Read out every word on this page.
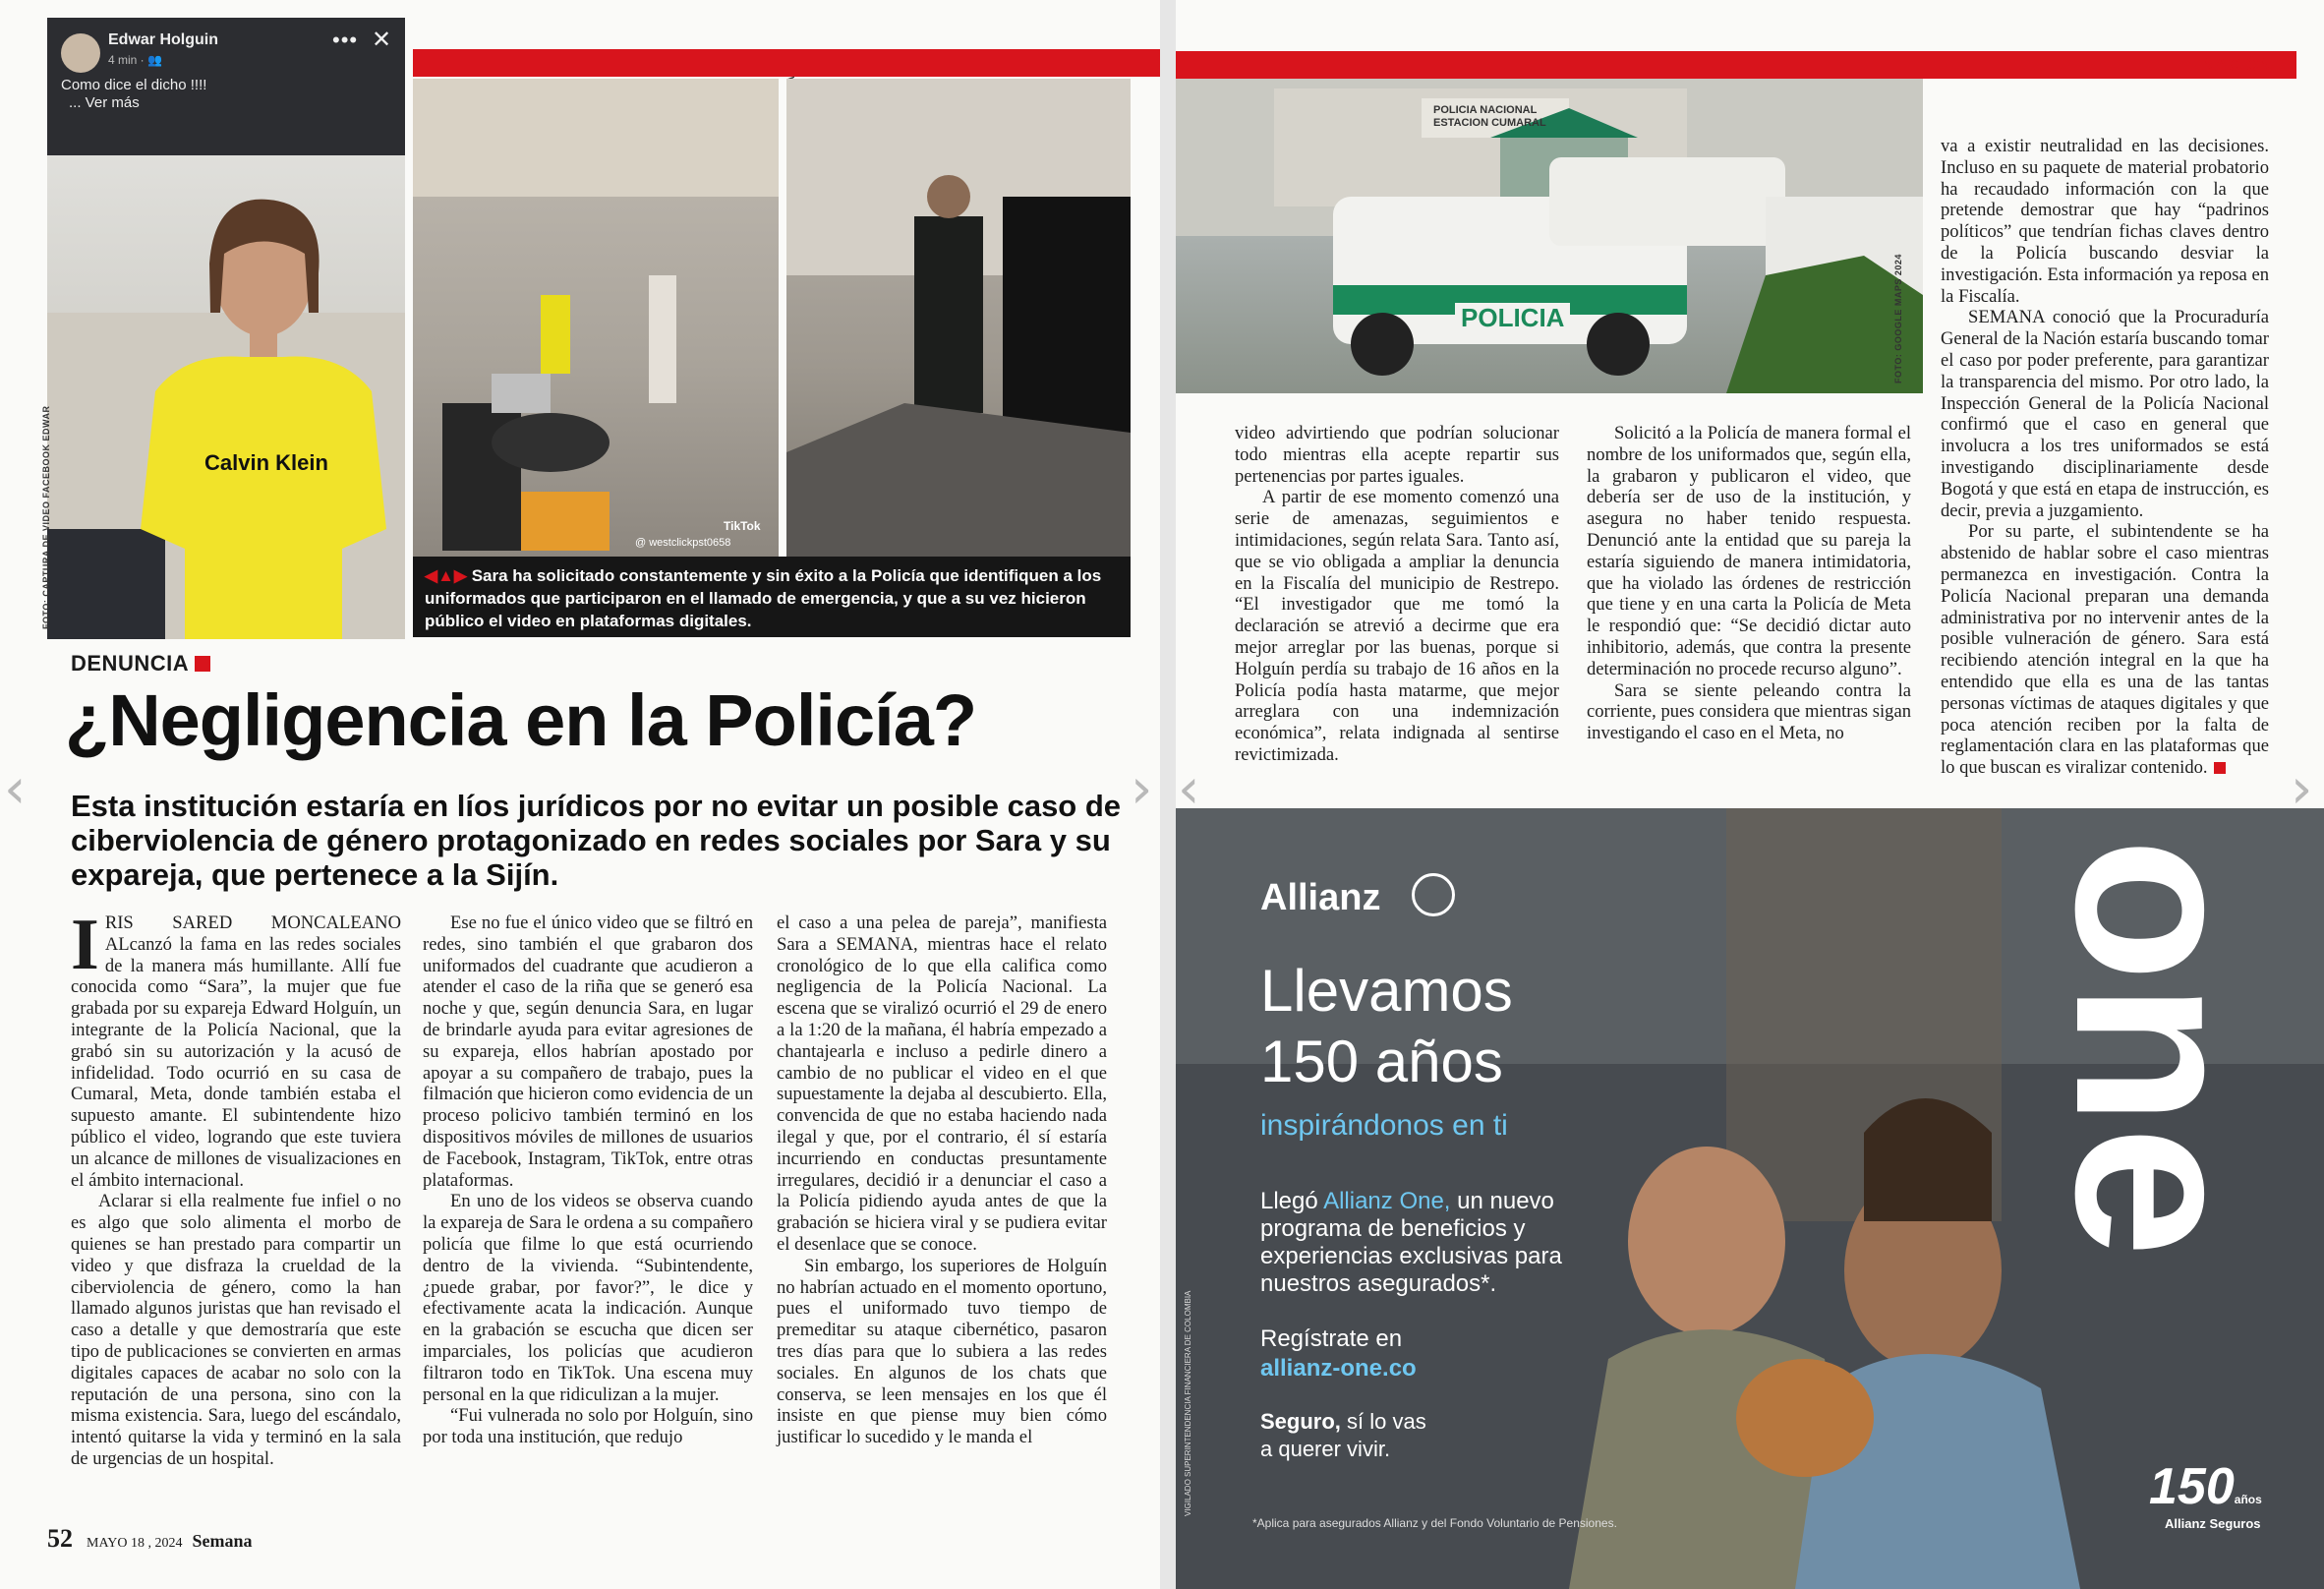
Calvin Klein
FOTO: CAPTURA DE VIDEO FACEBOOK EDWAR
Edwar Holguin
4 min · 👥
••• ✕
Como dice el dicho !!!!
... Ver más
TikTok
@ westclickpst0658
◀▲▶ Sara ha solicitado constantemente y sin éxito a la Policía que identifiquen a los uniformados que participaron en el llamado de emergencia, y que a su vez hicieron público el video en plataformas digitales.
DENUNCIA
¿Negligencia en la Policía?
Esta institución estaría en líos jurídicos por no evitar un posible caso de ciberviolencia de género protagonizado en redes sociales por Sara y su expareja, que pertenece a la Sijín.

IRIS SARED MONCALEANO ALcanzó la fama en las redes sociales de la manera más humillante. Allí fue conocida como “Sara”, la mujer que fue grabada por su expareja Edward Holguín, un integrante de la Policía Nacional, que la grabó sin su autorización y la acusó de infidelidad. Todo ocurrió en su casa de Cumaral, Meta, donde también estaba el supuesto amante. El subintendente hizo público el video, logrando que este tuviera un alcance de millones de visualizaciones en el ámbito internacional.

Aclarar si ella realmente fue infiel o no es algo que solo alimenta el morbo de quienes se han prestado para compartir un video y que disfraza la crueldad de la ciberviolencia de género, como la han llamado algunos juristas que han revisado el caso a detalle y que demostraría que este tipo de publicaciones se convierten en armas digitales capaces de acabar no solo con la reputación de una persona, sino con la misma existencia. Sara, luego del escándalo, intentó quitarse la vida y terminó en la sala de urgencias de un hospital.

Ese no fue el único video que se filtró en redes, sino también el que grabaron dos uniformados del cuadrante que acudieron a atender el caso de la riña que se generó esa noche y que, según denuncia Sara, en lugar de brindarle ayuda para evitar agresiones de su expareja, ellos habrían apostado por apoyar a su compañero de trabajo, pues la filmación que hicieron como evidencia de un proceso policivo también terminó en los dispositivos móviles de millones de usuarios de Facebook, Instagram, TikTok, entre otras plataformas.

En uno de los videos se observa cuando la expareja de Sara le ordena a su compañero policía que filme lo que está ocurriendo dentro de la vivienda. “Subintendente, ¿puede grabar, por favor?”, le dice y efectivamente acata la indicación. Aunque en la grabación se escucha que dicen ser imparciales, los policías que acudieron filtraron todo en TikTok. Una escena muy personal en la que ridiculizan a la mujer.

“Fui vulnerada no solo por Holguín, sino por toda una institución, que redujo

el caso a una pelea de pareja”, manifiesta Sara a SEMANA, mientras hace el relato cronológico de lo que ella califica como negligencia de la Policía Nacional. La escena que se viralizó ocurrió el 29 de enero a la 1:20 de la mañana, él habría empezado a chantajearla e incluso a pedirle dinero a cambio de no publicar el video en el que supuestamente la dejaba al descubierto. Ella, convencida de que no estaba haciendo nada ilegal y que, por el contrario, él sí estaría incurriendo en conductas presuntamente irregulares, decidió ir a denunciar el caso a la Policía pidiendo ayuda antes de que la grabación se hiciera viral y se pudiera evitar el desenlace que se conoce.

Sin embargo, los superiores de Holguín no habrían actuado en el momento oportuno, pues el uniformado tuvo tiempo de premeditar su ataque cibernético, pasaron tres días para que lo subiera a las redes sociales. En algunos de los chats que conserva, se leen mensajes en los que él insiste en que piense muy bien cómo justificar lo sucedido y le manda el

52 MAYO 18 , 2024 Semana
NACIÓN
POLICIA NACIONAL
ESTACION CUMARAL
POLICIA	FOTO: GOOGLE MAPS 2024

video advirtiendo que podrían solucionar todo mientras ella acepte repartir sus pertenencias por partes iguales.

A partir de ese momento comenzó una serie de amenazas, seguimientos e intimidaciones, según relata Sara. Tanto así, que se vio obligada a ampliar la denuncia en la Fiscalía del municipio de Restrepo. “El investigador que me tomó la declaración se atrevió a decirme que era mejor arreglar por las buenas, porque si Holguín perdía su trabajo de 16 años en la Policía podía hasta matarme, que mejor arreglara con una indemnización económica”, relata indignada al sentirse revictimizada.

Solicitó a la Policía de manera formal el nombre de los uniformados que, según ella, la grabaron y publicaron el video, que debería ser de uso de la institución, y asegura no haber tenido respuesta. Denunció ante la entidad que su pareja la estaría siguiendo de manera intimidatoria, que ha violado las órdenes de restricción que tiene y en una carta la Policía de Meta le respondió que: “Se decidió dictar auto inhibitorio, además, que contra la presente determinación no procede recurso alguno”.

Sara se siente peleando contra la corriente, pues considera que mientras sigan investigando el caso en el Meta, no

va a existir neutralidad en las decisiones. Incluso en su paquete de material probatorio ha recaudado información con la que pretende demostrar que hay “padrinos políticos” que tendrían fichas claves dentro de la Policía buscando desviar la investigación. Esta información ya reposa en la Fiscalía.

SEMANA conoció que la Procuraduría General de la Nación estaría buscando tomar el caso por poder preferente, para garantizar la transparencia del mismo. Por otro lado, la Inspección General de la Policía Nacional confirmó que el caso en general que involucra a los tres uniformados se está investigando disciplinariamente desde Bogotá y que está en etapa de instrucción, es decir, previa a juzgamiento.

Por su parte, el subintendente se ha abstenido de hablar sobre el caso mientras permanezca en investigación. Contra la Policía Nacional preparan una demanda administrativa por no intervenir antes de la posible vulneración de género. Sara está recibiendo atención integral en la que ha entendido que ella es una de las tantas personas víctimas de ataques digitales y que poca atención reciben por la falta de reglamentación clara en las plataformas que lo que buscan es viralizar contenido.

Allianz
Llevamos
150 años
inspirándonos en ti
Llegó Allianz One, un nuevo programa de beneficios y experiencias exclusivas para nuestros asegurados*.
Regístrate en
allianz-one.co
Seguro, sí lo vas a querer vivir.
one
150años
Allianz Seguros
*Aplica para asegurados Allianz y del Fondo Voluntario de Pensiones.
VIGILADO SUPERINTENDENCIA FINANCIERA DE COLOMBIA
‹	› ‹	›
